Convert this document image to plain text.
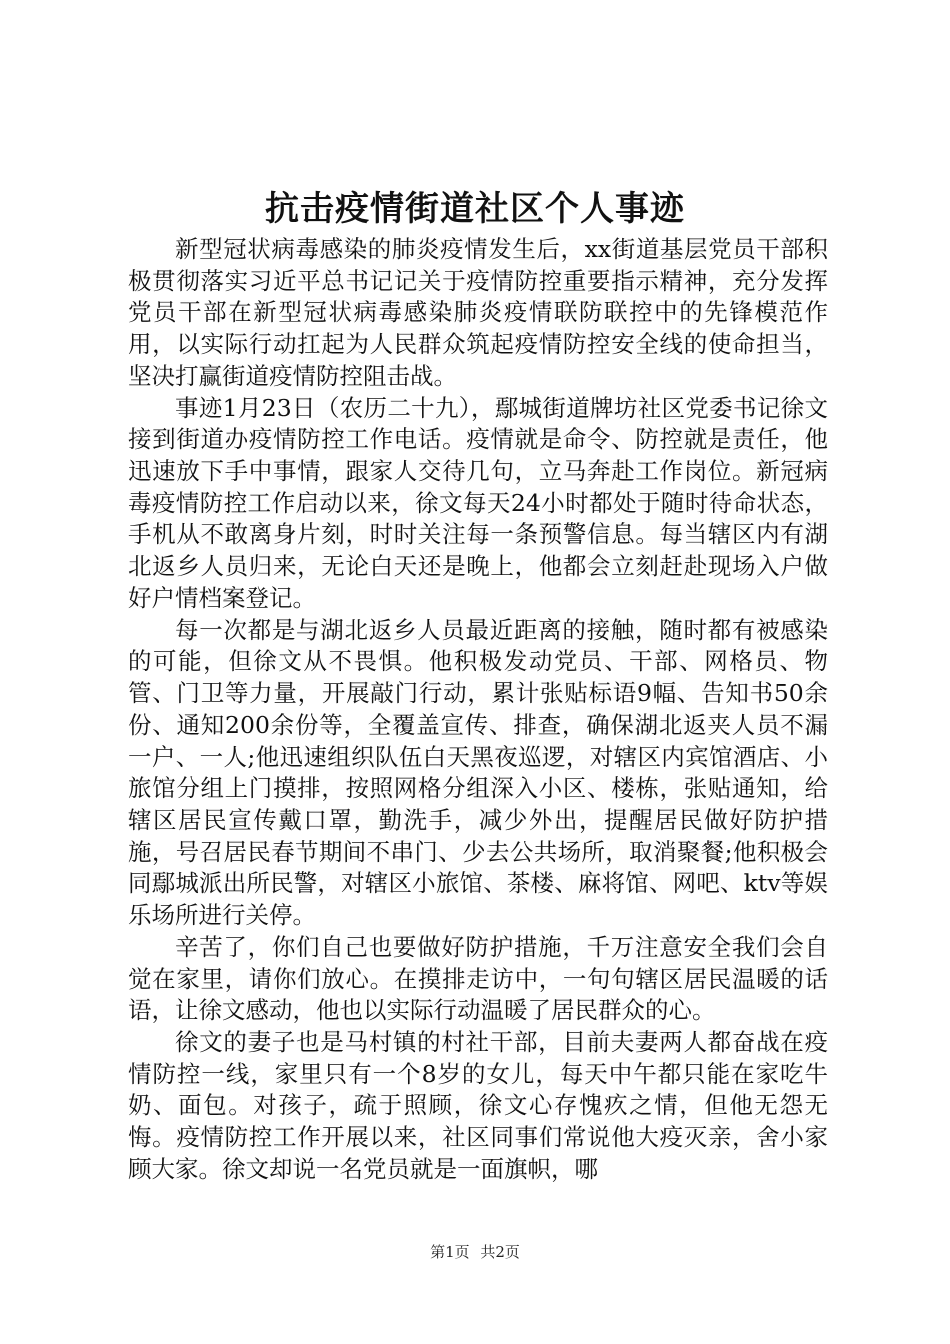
抗击疫情街道社区个人事迹

新型冠状病毒感染的肺炎疫情发生后，xx街道基层党员干部积极贯彻落实习近平总书记记关于疫情防控重要指示精神，充分发挥党员干部在新型冠状病毒感染肺炎疫情联防联控中的先锋模范作用，以实际行动扛起为人民群众筑起疫情防控安全线的使命担当，坚决打赢街道疫情防控阻击战。

事迹1月23日（农历二十九），鄢城街道牌坊社区党委书记徐文接到街道办疫情防控工作电话。疫情就是命令、防控就是责任，他迅速放下手中事情，跟家人交待几句，立马奔赴工作岗位。新冠病毒疫情防控工作启动以来，徐文每天24小时都处于随时待命状态，手机从不敢离身片刻，时时关注每一条预警信息。每当辖区内有湖北返乡人员归来，无论白天还是晚上，他都会立刻赶赴现场入户做好户情档案登记。

每一次都是与湖北返乡人员最近距离的接触，随时都有被感染的可能，但徐文从不畏惧。他积极发动党员、干部、网格员、物管、门卫等力量，开展敲门行动，累计张贴标语9幅、告知书50余份、通知200余份等，全覆盖宣传、排查，确保湖北返夹人员不漏一户、一人;他迅速组织队伍白天黑夜巡逻，对辖区内宾馆酒店、小旅馆分组上门摸排，按照网格分组深入小区、楼栋，张贴通知，给辖区居民宣传戴口罩，勤洗手，减少外出，提醒居民做好防护措施，号召居民春节期间不串门、少去公共场所，取消聚餐;他积极会同鄢城派出所民警，对辖区小旅馆、茶楼、麻将馆、网吧、ktv等娱乐场所进行关停。

辛苦了，你们自己也要做好防护措施，千万注意安全我们会自觉在家里，请你们放心。在摸排走访中，一句句辖区居民温暖的话语，让徐文感动，他也以实际行动温暖了居民群众的心。

徐文的妻子也是马村镇的村社干部，目前夫妻两人都奋战在疫情防控一线，家里只有一个8岁的女儿，每天中午都只能在家吃牛奶、面包。对孩子，疏于照顾，徐文心存愧疚之情，但他无怨无悔。疫情防控工作开展以来，社区同事们常说他大疫灭亲，舍小家顾大家。徐文却说一名党员就是一面旗帜，哪

第1页 共2页
